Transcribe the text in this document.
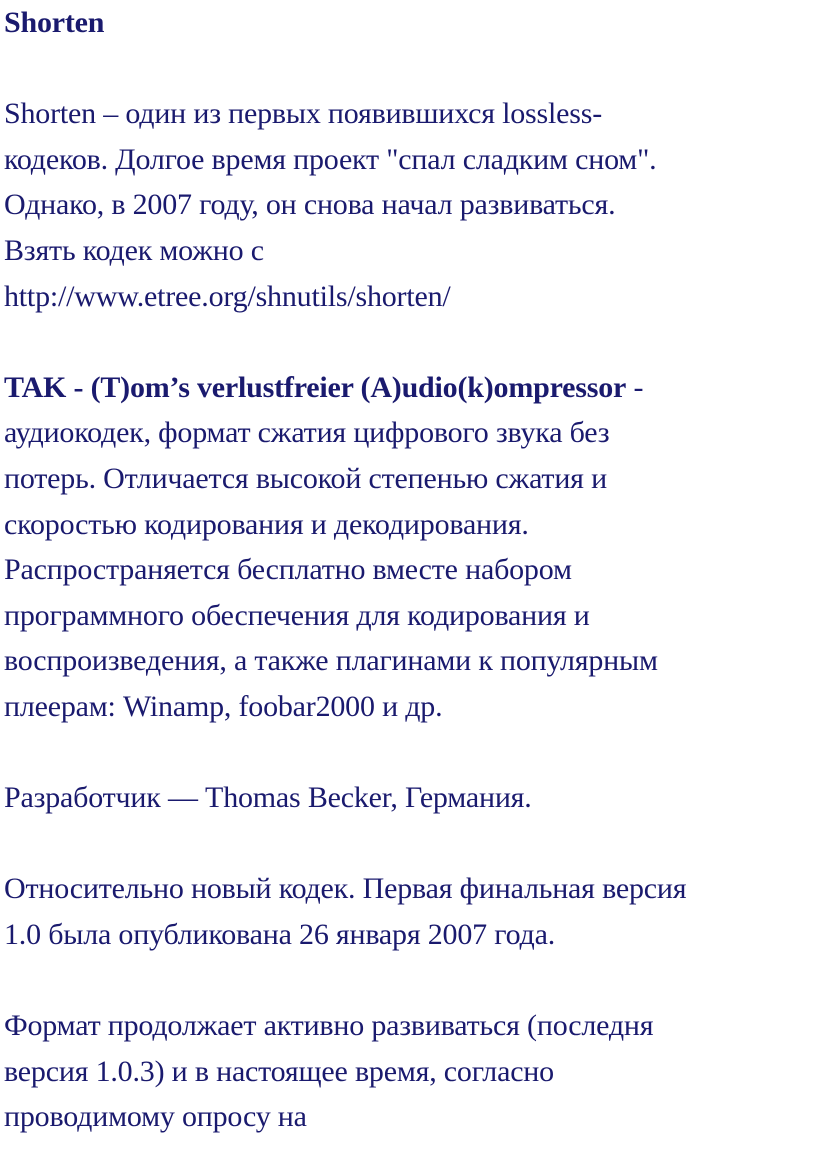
Shorten

Shorten – один из первых появившихся lossless-
кодеков. Долгое время проект "спал сладким сном".
Однако, в 2007 году, он снова начал развиваться.
Взять кодек можно с
http://www.etree.org/shnutils/shorten/

TAK - (T)om’s verlustfreier (A)udio(k)ompressor -
аудиокодек, формат сжатия цифрового звука без
потерь. Отличается высокой степенью сжатия и
скоростью кодирования и декодирования.
Распространяется бесплатно вместе набором
программного обеспечения для кодирования и
воспроизведения, а также плагинами к популярным
плеерам: Winamp, foobar2000 и др.

Разработчик — Thomas Becker, Германия.

Относительно новый кодек. Первая финальная версия
1.0 была опубликована 26 января 2007 года.

Формат продолжает активно развиваться (последня
версия 1.0.3) и в настоящее время, согласно
проводимому опросу на
